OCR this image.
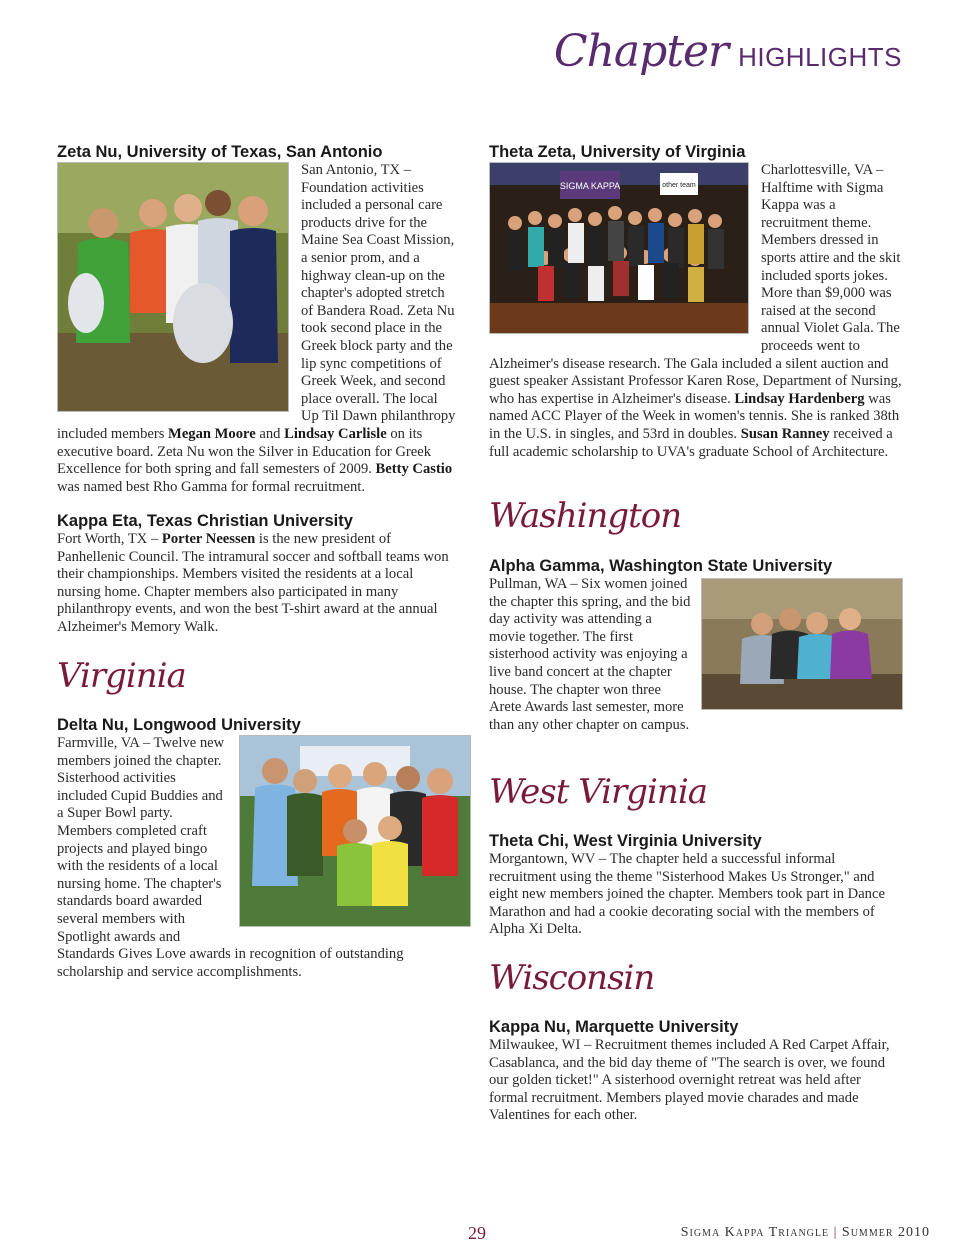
Chapter HIGHLIGHTS
Zeta Nu, University of Texas, San Antonio

San Antonio, TX – Foundation activities included a personal care products drive for the Maine Sea Coast Mission, a senior prom, and a highway clean-up on the chapter's adopted stretch of Bandera Road. Zeta Nu took second place in the Greek block party and the lip sync competitions of Greek Week, and second place overall. The local Up Til Dawn philanthropy included members Megan Moore and Lindsay Carlisle on its executive board. Zeta Nu won the Silver in Education for Greek Excellence for both spring and fall semesters of 2009. Betty Castio was named best Rho Gamma for formal recruitment.

Kappa Eta, Texas Christian University

Fort Worth, TX – Porter Neessen is the new president of Panhellenic Council. The intramural soccer and softball teams won their championships. Members visited the residents at a local nursing home. Chapter members also participated in many philanthropy events, and won the best T-shirt award at the annual Alzheimer's Memory Walk.

Virginia
Delta Nu, Longwood University

Farmville, VA – Twelve new members joined the chapter. Sisterhood activities included Cupid Buddies and a Super Bowl party. Members completed craft projects and played bingo with the residents of a local nursing home. The chapter's standards board awarded several members with Spotlight awards and Standards Gives Love awards in recognition of outstanding scholarship and service accomplishments.

Theta Zeta, University of Virginia
SIGMA KAPPA	other team

Charlottesville, VA – Halftime with Sigma Kappa was a recruitment theme. Members dressed in sports attire and the skit included sports jokes. More than $9,000 was raised at the second annual Violet Gala. The proceeds went to Alzheimer's disease research. The Gala included a silent auction and guest speaker Assistant Professor Karen Rose, Department of Nursing, who has expertise in Alzheimer's disease. Lindsay Hardenberg was named ACC Player of the Week in women's tennis. She is ranked 38th in the U.S. in singles, and 53rd in doubles. Susan Ranney received a full academic scholarship to UVA's graduate School of Architecture.

Washington
Alpha Gamma, Washington State University

Pullman, WA – Six women joined the chapter this spring, and the bid day activity was attending a movie together. The first sisterhood activity was enjoying a live band concert at the chapter house. The chapter won three Arete Awards last semester, more than any other chapter on campus.

West Virginia
Theta Chi, West Virginia University

Morgantown, WV – The chapter held a successful informal recruitment using the theme "Sisterhood Makes Us Stronger," and eight new members joined the chapter. Members took part in Dance Marathon and had a cookie decorating social with the members of Alpha Xi Delta.

Wisconsin
Kappa Nu, Marquette University

Milwaukee, WI – Recruitment themes included A Red Carpet Affair, Casablanca, and the bid day theme of "The search is over, we found our golden ticket!" A sisterhood overnight retreat was held after formal recruitment. Members played movie charades and made Valentines for each other.

29	Sigma Kappa Triangle | Summer 2010
